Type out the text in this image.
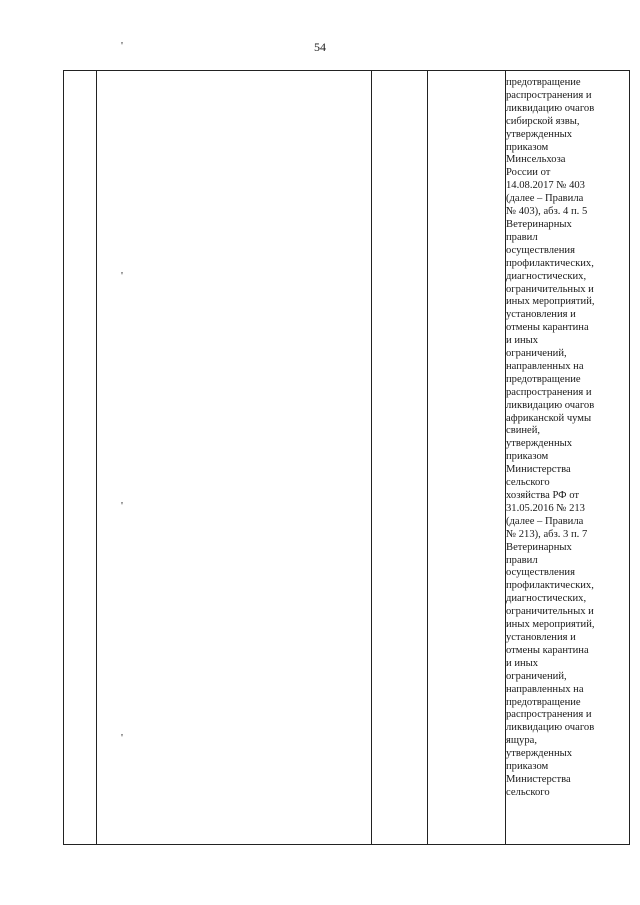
54
'
'
'
'
предотвращение
распространения и
ликвидацию очагов
сибирской язвы,
утвержденных
приказом
Минсельхоза
России от
14.08.2017 № 403
(далее – Правила
№ 403), абз. 4 п. 5
Ветеринарных
правил
осуществления
профилактических,
диагностических,
ограничительных и
иных мероприятий,
установления и
отмены карантина
и иных
ограничений,
направленных на
предотвращение
распространения и
ликвидацию очагов
африканской чумы
свиней,
утвержденных
приказом
Министерства
сельского
хозяйства РФ от
31.05.2016 № 213
(далее – Правила
№ 213), абз. 3 п. 7
Ветеринарных
правил
осуществления
профилактических,
диагностических,
ограничительных и
иных мероприятий,
установления и
отмены карантина
и иных
ограничений,
направленных на
предотвращение
распространения и
ликвидацию очагов
ящура,
утвержденных
приказом
Министерства
сельского
